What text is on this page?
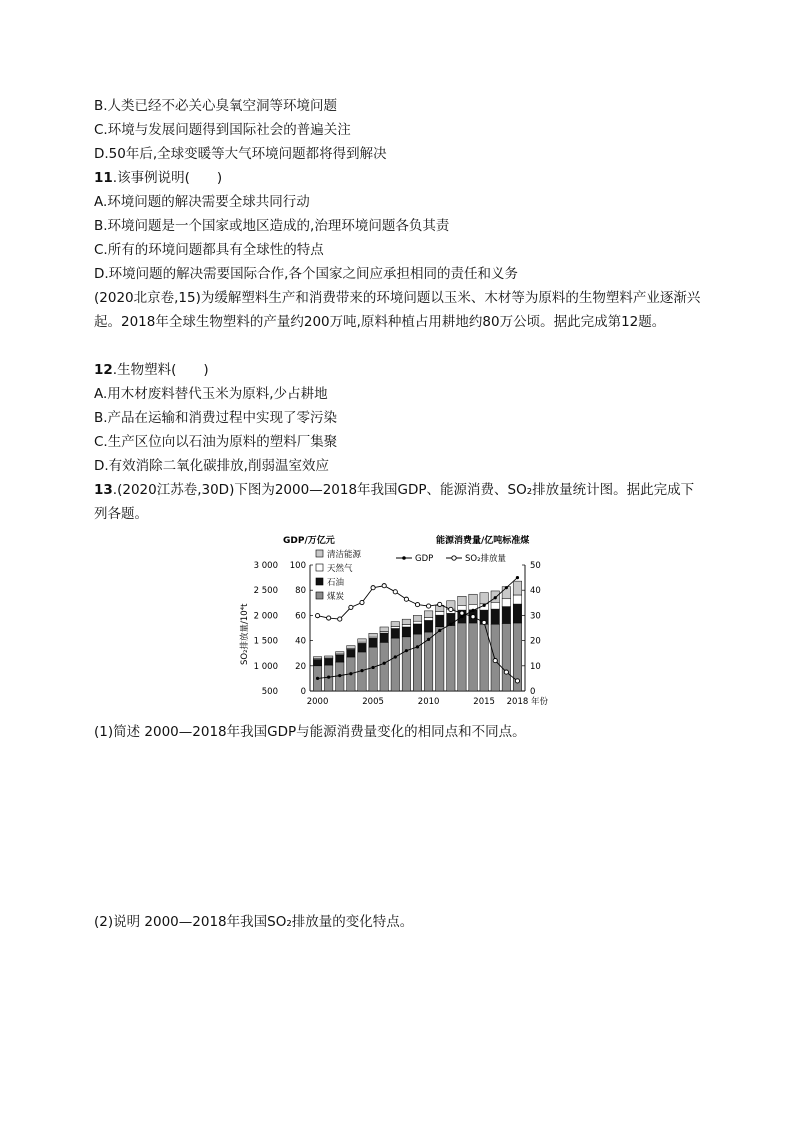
B.人类已经不必关心臭氧空洞等环境问题
C.环境与发展问题得到国际社会的普遍关注
D.50年后,全球变暖等大气环境问题都将得到解决
11.该事例说明(　　)
A.环境问题的解决需要全球共同行动
B.环境问题是一个国家或地区造成的,治理环境问题各负其责
C.所有的环境问题都具有全球性的特点
D.环境问题的解决需要国际合作,各个国家之间应承担相同的责任和义务
(2020北京卷,15)为缓解塑料生产和消费带来的环境问题以玉米、木材等为原料的生物塑料产业逐渐兴起。2018年全球生物塑料的产量约200万吨,原料种植占用耕地约80万公顷。据此完成第12题。
12.生物塑料(　　)
A.用木材废料替代玉米为原料,少占耕地
B.产品在运输和消费过程中实现了零污染
C.生产区位向以石油为原料的塑料厂集聚
D.有效消除二氧化碳排放,削弱温室效应
13.(2020江苏卷,30D)下图为2000—2018年我国GDP、能源消费、SO₂排放量统计图。据此完成下
列各题。
GDP/万亿元	能源消费量/亿吨标准煤
SO₂排放量/10⁴t
清洁能源
天然气
石油
煤炭
GDP	SO₂排放量
3 000 100	50
2 500 80	40
2 000 60	30
1 500 40	20
1 000 20	10
500	0	0
2000	2005	2010	2015 2018 年份
(1)简述 2000—2018年我国GDP与能源消费量变化的相同点和不同点。
(2)说明 2000—2018年我国SO₂排放量的变化特点。
